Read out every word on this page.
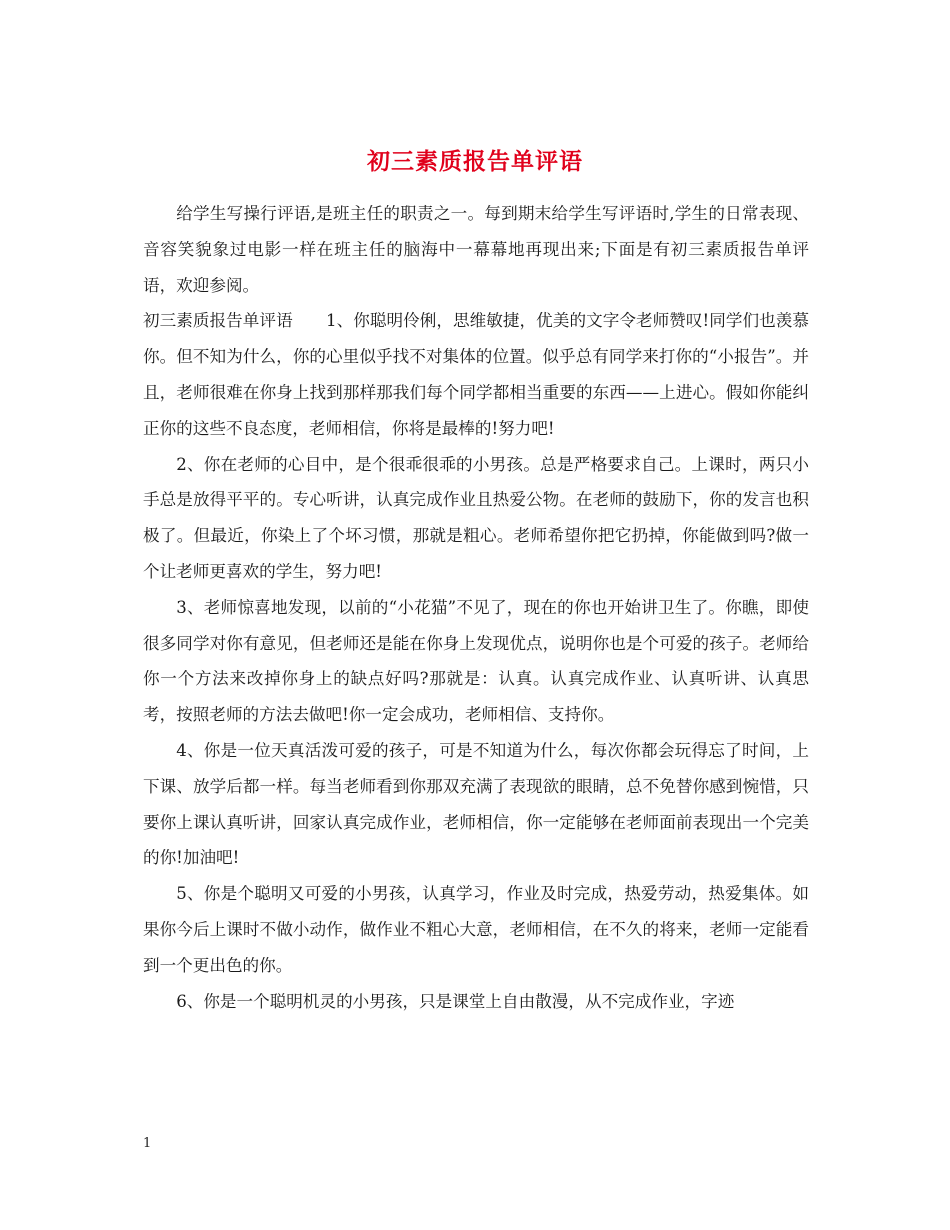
初三素质报告单评语

给学生写操行评语,是班主任的职责之一。每到期末给学生写评语时,学生的日常表现、音容笑貌象过电影一样在班主任的脑海中一幕幕地再现出来;下面是有初三素质报告单评语，欢迎参阅。

初三素质报告单评语　　1、你聪明伶俐，思维敏捷，优美的文字令老师赞叹!同学们也羡慕你。但不知为什么，你的心里似乎找不对集体的位置。似乎总有同学来打你的“小报告”。并且，老师很难在你身上找到那样那我们每个同学都相当重要的东西——上进心。假如你能纠正你的这些不良态度，老师相信，你将是最棒的!努力吧!

2、你在老师的心目中，是个很乖很乖的小男孩。总是严格要求自己。上课时，两只小手总是放得平平的。专心听讲，认真完成作业且热爱公物。在老师的鼓励下，你的发言也积极了。但最近，你染上了个坏习惯，那就是粗心。老师希望你把它扔掉，你能做到吗?做一个让老师更喜欢的学生，努力吧!

3、老师惊喜地发现，以前的“小花猫”不见了，现在的你也开始讲卫生了。你瞧，即使很多同学对你有意见，但老师还是能在你身上发现优点，说明你也是个可爱的孩子。老师给你一个方法来改掉你身上的缺点好吗?那就是：认真。认真完成作业、认真听讲、认真思考，按照老师的方法去做吧!你一定会成功，老师相信、支持你。

4、你是一位天真活泼可爱的孩子，可是不知道为什么，每次你都会玩得忘了时间，上下课、放学后都一样。每当老师看到你那双充满了表现欲的眼睛，总不免替你感到惋惜，只要你上课认真听讲，回家认真完成作业，老师相信，你一定能够在老师面前表现出一个完美的你!加油吧!

5、你是个聪明又可爱的小男孩，认真学习，作业及时完成，热爱劳动，热爱集体。如果你今后上课时不做小动作，做作业不粗心大意，老师相信，在不久的将来，老师一定能看到一个更出色的你。

6、你是一个聪明机灵的小男孩，只是课堂上自由散漫，从不完成作业，字迹

1
